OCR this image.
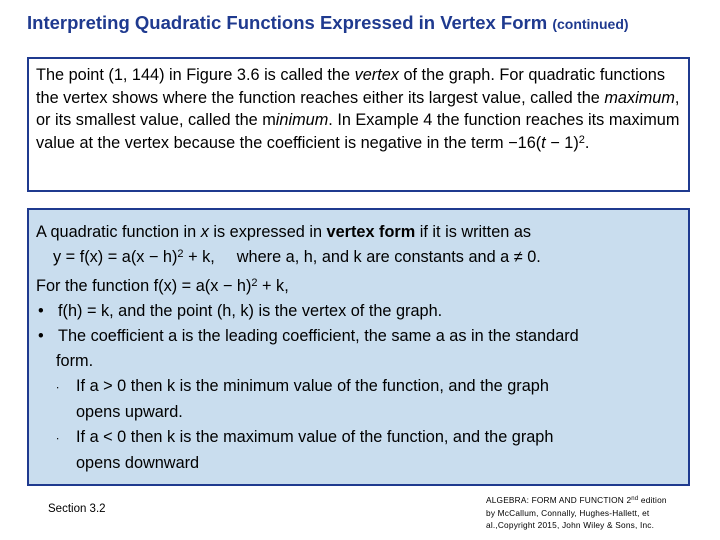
Interpreting Quadratic Functions Expressed in Vertex Form (continued)

The point (1, 144) in Figure 3.6 is called the vertex of the graph. For quadratic functions the vertex shows where the function reaches either its largest value, called the maximum, or its smallest value, called the minimum. In Example 4 the function reaches its maximum value at the vertex because the coefficient is negative in the term $-16(t - 1)^2$.

A quadratic function in x is expressed in vertex form if it is written as
$y = f(x) = a(x - h)^2 + k$, where a, h, and k are constants and a ≠ 0.
For the function $f(x) = a(x - h)^2 + k$,
• f(h) = k, and the point (h, k) is the vertex of the graph.
• The coefficient a is the leading coefficient, the same a as in the standard
form.
∙ If a > 0 then k is the minimum value of the function, and the graph
opens upward.
∙ If a < 0 then k is the maximum value of the function, and the graph
opens downward
Section 3.2
ALGEBRA: FORM AND FUNCTION 2nd edition
by McCallum, Connally, Hughes-Hallett, et
al.,Copyright 2015, John Wiley & Sons, Inc.
